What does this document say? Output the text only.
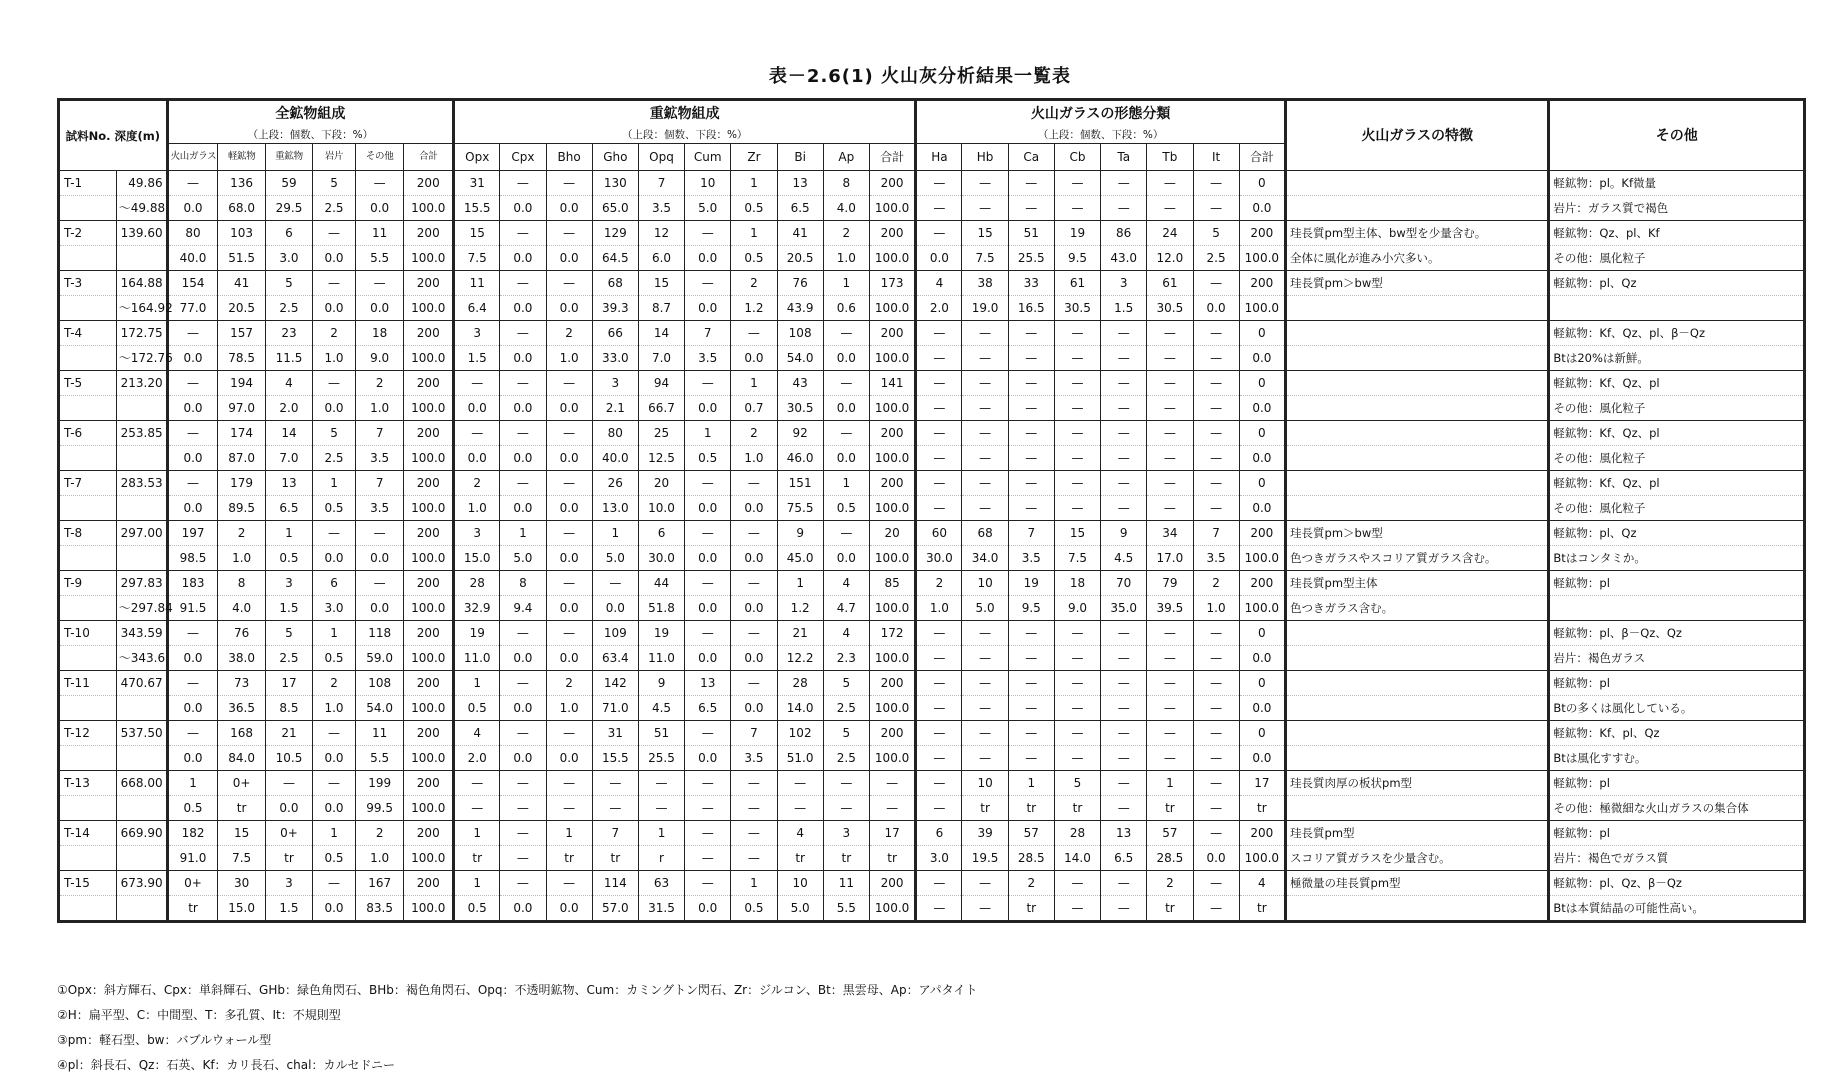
表－2.6(1) 火山灰分析結果一覧表
試料No. 深度(m)		全鉱物組成						重鉱物組成										火山ガラスの形態分類								火山ガラスの特徴	その他
		（上段：個数、下段：%）						（上段：個数、下段：%）										（上段：個数、下段：%）									
		火山ガラス	軽鉱物	重鉱物	岩片	その他	合計	Opx	Cpx	Bho	Gho	Opq	Cum	Zr	Bi	Ap	合計	Ha	Hb	Ca	Cb	Ta	Tb	It	合計		
T-1	49.86	—	136	59	5	—	200	31	—	—	130	7	10	1	13	8	200	—	—	—	—	—	—	—	0		軽鉱物：pl。Kf微量
	～49.88	0.0	68.0	29.5	2.5	0.0	100.0	15.5	0.0	0.0	65.0	3.5	5.0	0.5	6.5	4.0	100.0	—	—	—	—	—	—	—	0.0		岩片：ガラス質で褐色
T-2	139.60	80	103	6	—	11	200	15	—	—	129	12	—	1	41	2	200	—	15	51	19	86	24	5	200	珪長質pm型主体、bw型を少量含む。	軽鉱物：Qz、pl、Kf
		40.0	51.5	3.0	0.0	5.5	100.0	7.5	0.0	0.0	64.5	6.0	0.0	0.5	20.5	1.0	100.0	0.0	7.5	25.5	9.5	43.0	12.0	2.5	100.0	全体に風化が進み小穴多い。	その他：風化粒子
T-3	164.88	154	41	5	—	—	200	11	—	—	68	15	—	2	76	1	173	4	38	33	61	3	61	—	200	珪長質pm＞bw型	軽鉱物：pl、Qz
	～164.92	77.0	20.5	2.5	0.0	0.0	100.0	6.4	0.0	0.0	39.3	8.7	0.0	1.2	43.9	0.6	100.0	2.0	19.0	16.5	30.5	1.5	30.5	0.0	100.0		
T-4	172.75	—	157	23	2	18	200	3	—	2	66	14	7	—	108	—	200	—	—	—	—	—	—	—	0		軽鉱物：Kf、Qz、pl、β－Qz
	～172.76	0.0	78.5	11.5	1.0	9.0	100.0	1.5	0.0	1.0	33.0	7.0	3.5	0.0	54.0	0.0	100.0	—	—	—	—	—	—	—	0.0		Btは20%は新鮮。
T-5	213.20	—	194	4	—	2	200	—	—	—	3	94	—	1	43	—	141	—	—	—	—	—	—	—	0		軽鉱物：Kf、Qz、pl
		0.0	97.0	2.0	0.0	1.0	100.0	0.0	0.0	0.0	2.1	66.7	0.0	0.7	30.5	0.0	100.0	—	—	—	—	—	—	—	0.0		その他：風化粒子
T-6	253.85	—	174	14	5	7	200	—	—	—	80	25	1	2	92	—	200	—	—	—	—	—	—	—	0		軽鉱物：Kf、Qz、pl
		0.0	87.0	7.0	2.5	3.5	100.0	0.0	0.0	0.0	40.0	12.5	0.5	1.0	46.0	0.0	100.0	—	—	—	—	—	—	—	0.0		その他：風化粒子
T-7	283.53	—	179	13	1	7	200	2	—	—	26	20	—	—	151	1	200	—	—	—	—	—	—	—	0		軽鉱物：Kf、Qz、pl
		0.0	89.5	6.5	0.5	3.5	100.0	1.0	0.0	0.0	13.0	10.0	0.0	0.0	75.5	0.5	100.0	—	—	—	—	—	—	—	0.0		その他：風化粒子
T-8	297.00	197	2	1	—	—	200	3	1	—	1	6	—	—	9	—	20	60	68	7	15	9	34	7	200	珪長質pm＞bw型	軽鉱物：pl、Qz
		98.5	1.0	0.5	0.0	0.0	100.0	15.0	5.0	0.0	5.0	30.0	0.0	0.0	45.0	0.0	100.0	30.0	34.0	3.5	7.5	4.5	17.0	3.5	100.0	色つきガラスやスコリア質ガラス含む。	Btはコンタミか。
T-9	297.83	183	8	3	6	—	200	28	8	—	—	44	—	—	1	4	85	2	10	19	18	70	79	2	200	珪長質pm型主体	軽鉱物：pl
	～297.84	91.5	4.0	1.5	3.0	0.0	100.0	32.9	9.4	0.0	0.0	51.8	0.0	0.0	1.2	4.7	100.0	1.0	5.0	9.5	9.0	35.0	39.5	1.0	100.0	色つきガラス含む。	
T-10	343.59	—	76	5	1	118	200	19	—	—	109	19	—	—	21	4	172	—	—	—	—	—	—	—	0		軽鉱物：pl、β－Qz、Qz
	～343.6	0.0	38.0	2.5	0.5	59.0	100.0	11.0	0.0	0.0	63.4	11.0	0.0	0.0	12.2	2.3	100.0	—	—	—	—	—	—	—	0.0		岩片：褐色ガラス
T-11	470.67	—	73	17	2	108	200	1	—	2	142	9	13	—	28	5	200	—	—	—	—	—	—	—	0		軽鉱物：pl
		0.0	36.5	8.5	1.0	54.0	100.0	0.5	0.0	1.0	71.0	4.5	6.5	0.0	14.0	2.5	100.0	—	—	—	—	—	—	—	0.0		Btの多くは風化している。
T-12	537.50	—	168	21	—	11	200	4	—	—	31	51	—	7	102	5	200	—	—	—	—	—	—	—	0		軽鉱物：Kf、pl、Qz
		0.0	84.0	10.5	0.0	5.5	100.0	2.0	0.0	0.0	15.5	25.5	0.0	3.5	51.0	2.5	100.0	—	—	—	—	—	—	—	0.0		Btは風化すすむ。
T-13	668.00	1	0+	—	—	199	200	—	—	—	—	—	—	—	—	—	—	—	10	1	5	—	1	—	17	珪長質肉厚の板状pm型	軽鉱物：pl
		0.5	tr	0.0	0.0	99.5	100.0	—	—	—	—	—	—	—	—	—	—	—	tr	tr	tr	—	tr	—	tr		その他：極微細な火山ガラスの集合体
T-14	669.90	182	15	0+	1	2	200	1	—	1	7	1	—	—	4	3	17	6	39	57	28	13	57	—	200	珪長質pm型	軽鉱物：pl
		91.0	7.5	tr	0.5	1.0	100.0	tr	—	tr	tr	r	—	—	tr	tr	tr	3.0	19.5	28.5	14.0	6.5	28.5	0.0	100.0	スコリア質ガラスを少量含む。	岩片：褐色でガラス質
T-15	673.90	0+	30	3	—	167	200	1	—	—	114	63	—	1	10	11	200	—	—	2	—	—	2	—	4	極微量の珪長質pm型	軽鉱物：pl、Qz、β－Qz
		tr	15.0	1.5	0.0	83.5	100.0	0.5	0.0	0.0	57.0	31.5	0.0	0.5	5.0	5.5	100.0	—	—	tr	—	—	tr	—	tr		Btは本質結晶の可能性高い。
①Opx：斜方輝石、Cpx：単斜輝石、GHb：緑色角閃石、BHb：褐色角閃石、Opq：不透明鉱物、Cum：カミングトン閃石、Zr：ジルコン、Bt：黒雲母、Ap：アパタイト
②H：扁平型、C：中間型、T：多孔質、It：不規則型
③pm：軽石型、bw：バブルウォール型
④pl：斜長石、Qz：石英、Kf：カリ長石、chal：カルセドニー
